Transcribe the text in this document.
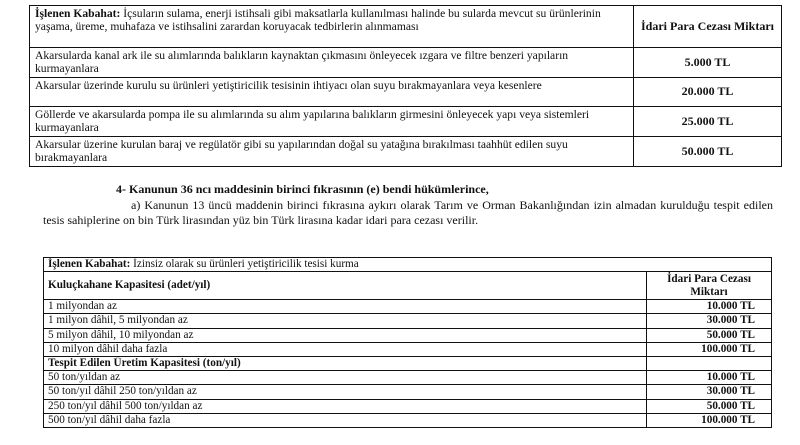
İşlenen Kabahat: İçsuların sulama, enerji istihsali gibi maksatlarla kullanılması halinde bu sularda mevcut su ürünlerinin yaşama, üreme, muhafaza ve istihsalini zarardan koruyacak tedbirlerin alınmaması	İdari Para Cezası Miktarı
Akarsularda kanal ark ile su alımlarında balıkların kaynaktan çıkmasını önleyecek ızgara ve filtre benzeri yapıların kurmayanlara	5.000 TL
Akarsular üzerinde kurulu su ürünleri yetiştiricilik tesisinin ihtiyacı olan suyu bırakmayanlara veya kesenlere	20.000 TL
Göllerde ve akarsularda pompa ile su alımlarında su alım yapılarına balıkların girmesini önleyecek yapı veya sistemleri kurmayanlara	25.000 TL
Akarsular üzerine kurulan baraj ve regülatör gibi su yapılarından doğal su yatağına bırakılması taahhüt edilen suyu bırakmayanlara	50.000 TL
4- Kanunun 36 ncı maddesinin birinci fıkrasının (e) bendi hükümlerince,
a) Kanunun 13 üncü maddenin birinci fıkrasına aykırı olarak Tarım ve Orman Bakanlığından izin almadan kurulduğu tespit edilen tesis sahiplerine on bin Türk lirasından yüz bin Türk lirasına kadar idari para cezası verilir.
İşlenen Kabahat: İzinsiz olarak su ürünleri yetiştiricilik tesisi kurma	
Kuluçkahane Kapasitesi (adet/yıl)	İdari Para Cezası Miktarı
1 milyondan az	10.000 TL
1 milyon dâhil, 5 milyondan az	30.000 TL
5 milyon dâhil, 10 milyondan az	50.000 TL
10 milyon dâhil daha fazla	100.000 TL
Tespit Edilen Üretim Kapasitesi (ton/yıl)	
50 ton/yıldan az	10.000 TL
50 ton/yıl dâhil 250 ton/yıldan az	30.000 TL
250 ton/yıl dâhil 500 ton/yıldan az	50.000 TL
500 ton/yıl dâhil daha fazla	100.000 TL
